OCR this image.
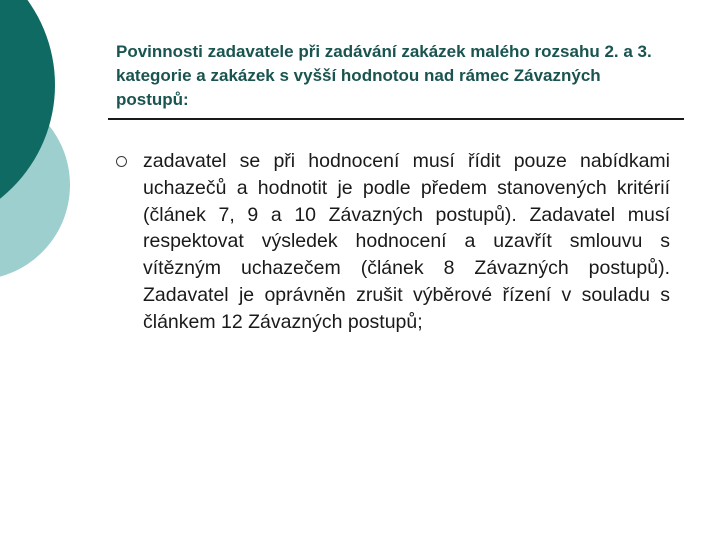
Povinnosti zadavatele při zadávání zakázek malého rozsahu 2. a 3. kategorie a zakázek s vyšší hodnotou nad rámec Závazných postupů:
zadavatel se při hodnocení musí řídit pouze nabídkami uchazečů a hodnotit je podle předem stanovených kritérií (článek 7, 9 a 10 Závazných postupů). Zadavatel musí respektovat výsledek hodnocení a uzavřít smlouvu s vítězným uchazečem (článek 8 Závazných postupů). Zadavatel je oprávněn zrušit výběrové řízení v souladu s článkem 12 Závazných postupů;
